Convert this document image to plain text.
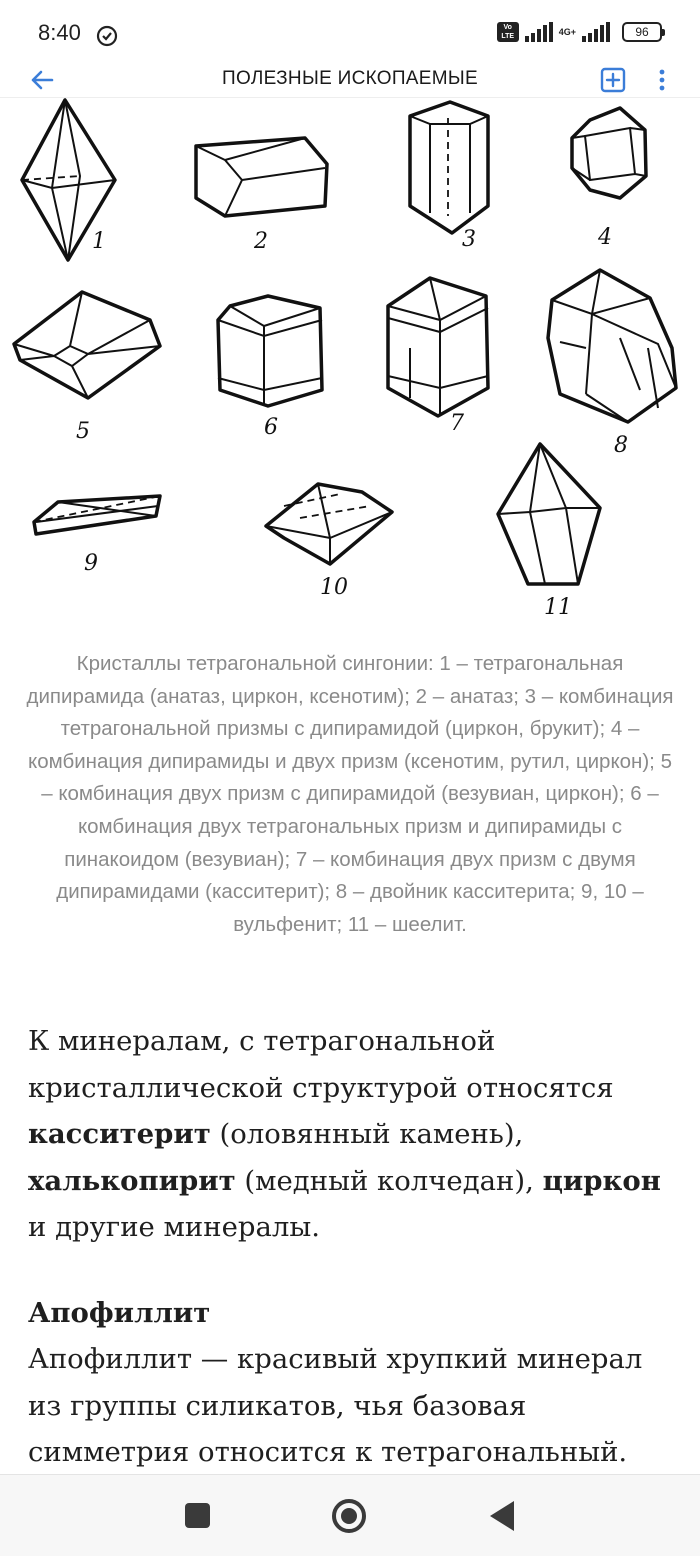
8:40	Vo LTE	4G+	96
ПОЛЕЗНЫЕ ИСКОПАЕМЫЕ
1	2	3	4
5	6	7
8
9
10
11
Кристаллы тетрагональной сингонии: 1 – тетрагональная дипирамида (анатаз, циркон, ксенотим); 2 – анатаз; 3 – комбинация тетрагональной призмы с дипирамидой (циркон, брукит); 4 – комбинация дипирамиды и двух призм (ксенотим, рутил, циркон); 5 – комбинация двух призм с дипирамидой (везувиан, циркон); 6 – комбинация двух тетрагональных призм и дипирамиды с пинакоидом (везувиан); 7 – комбинация двух призм с двумя дипирамидами (касситерит); 8 – двойник касситерита; 9, 10 – вульфенит; 11 – шеелит.
К минералам, с тетрагональной кристаллической структурой относятся касситерит (оловянный камень), халькопирит (медный колчедан), циркон и другие минералы.
Апофиллит
Апофиллит — красивый хрупкий минерал из группы силикатов, чья базовая симметрия относится к тетрагональный.
